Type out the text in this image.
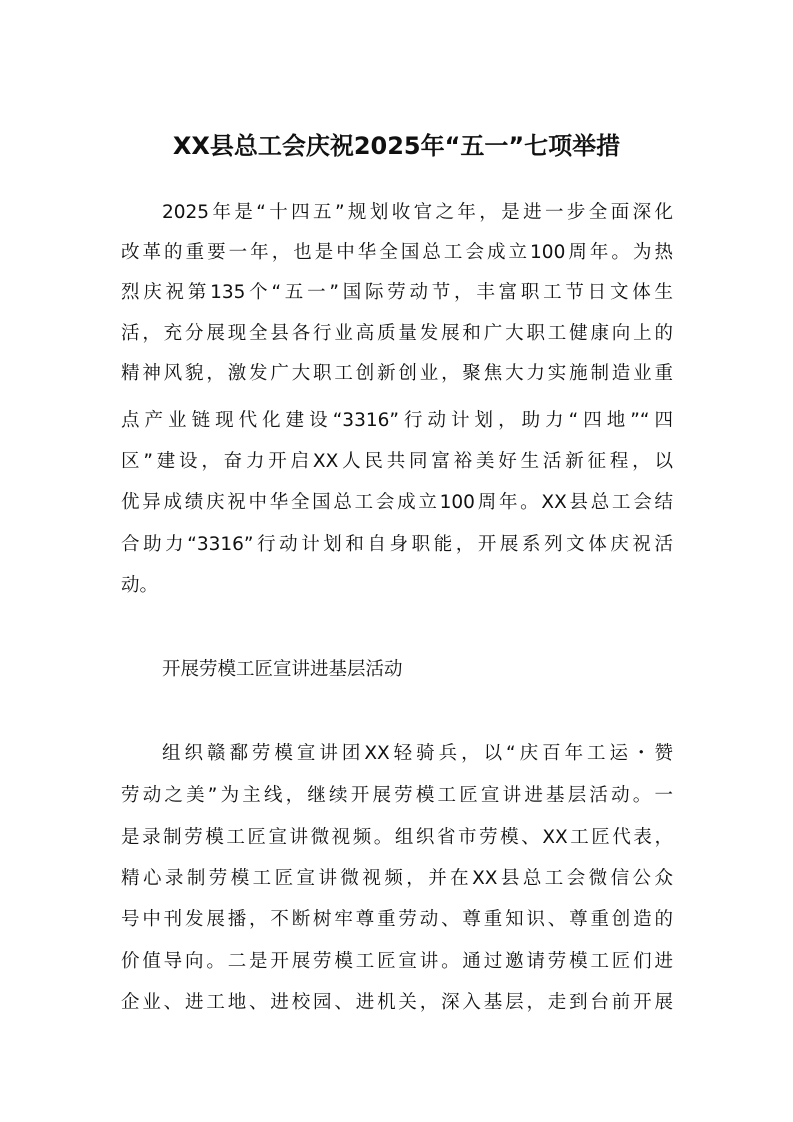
XX县总工会庆祝2025年“五一”七项举措

2025年是“十四五”规划收官之年，是进一步全面深化

改革的重要一年，也是中华全国总工会成立100周年。为热

烈庆祝第135个“五一”国际劳动节，丰富职工节日文体生

活，充分展现全县各行业高质量发展和广大职工健康向上的

精神风貌，激发广大职工创新创业，聚焦大力实施制造业重

点产业链现代化建设“3316”行动计划，助力“四地”“四

区”建设，奋力开启XX人民共同富裕美好生活新征程，以

优异成绩庆祝中华全国总工会成立100周年。XX县总工会结

合助力“3316”行动计划和自身职能，开展系列文体庆祝活

动。

开展劳模工匠宣讲进基层活动

组织赣鄱劳模宣讲团XX轻骑兵，以“庆百年工运・赞

劳动之美”为主线，继续开展劳模工匠宣讲进基层活动。一

是录制劳模工匠宣讲微视频。组织省市劳模、XX工匠代表，

精心录制劳模工匠宣讲微视频，并在XX县总工会微信公众

号中刊发展播，不断树牢尊重劳动、尊重知识、尊重创造的

价值导向。二是开展劳模工匠宣讲。通过邀请劳模工匠们进

企业、进工地、进校园、进机关，深入基层，走到台前开展
